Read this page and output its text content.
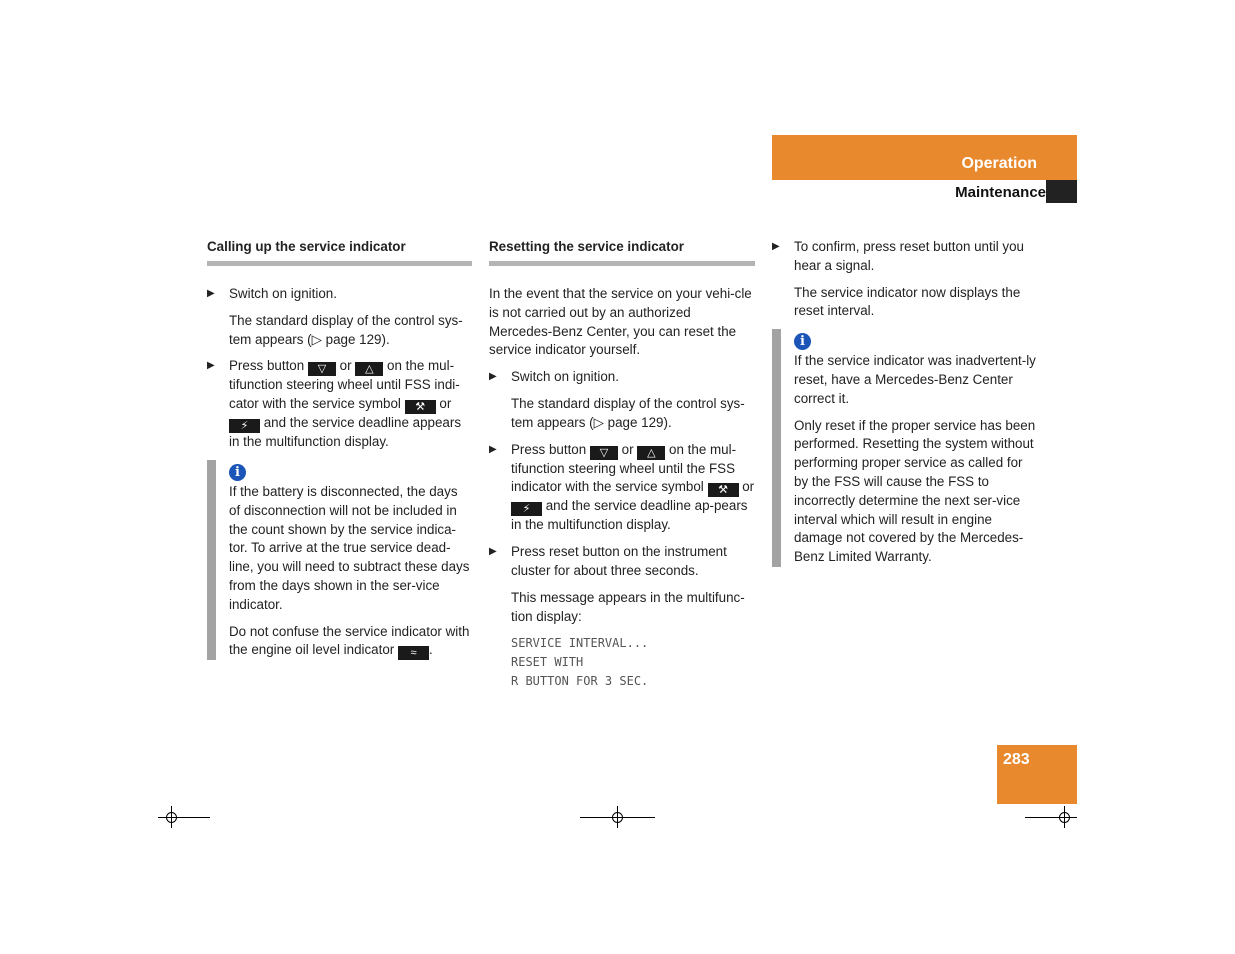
Operation
Maintenance
Calling up the service indicator
▶ Switch on ignition.
The standard display of the control sys-tem appears (▷ page 129).
▶ Press button ▽ or △ on the mul-tifunction steering wheel until FSS indi-cator with the service symbol ⚒ or ⚡ and the service deadline appears in the multifunction display.
i

If the battery is disconnected, the days of disconnection will not be included in the count shown by the service indica-tor. To arrive at the true service dead-line, you will need to subtract these days from the days shown in the ser-vice indicator.

Do not confuse the service indicator with the engine oil level indicator ≈ .

Resetting the service indicator

In the event that the service on your vehi-cle is not carried out by an authorized Mercedes-Benz Center, you can reset the service indicator yourself.

▶ Switch on ignition.
The standard display of the control sys-tem appears (▷ page 129).
▶ Press button ▽ or △ on the mul-tifunction steering wheel until the FSS indicator with the service symbol ⚒ or ⚡ and the service deadline ap-pears in the multifunction display.
▶ Press reset button on the instrument cluster for about three seconds.
This message appears in the multifunc-tion display:
SERVICE INTERVAL...
RESET WITH
R BUTTON FOR 3 SEC.
▶ To confirm, press reset button until you hear a signal.
The service indicator now displays the reset interval.
i

If the service indicator was inadvertent-ly reset, have a Mercedes-Benz Center correct it.

Only reset if the proper service has been performed. Resetting the system without performing proper service as called for by the FSS will cause the FSS to incorrectly determine the next ser-vice interval which will result in engine damage not covered by the Mercedes-Benz Limited Warranty.

283
